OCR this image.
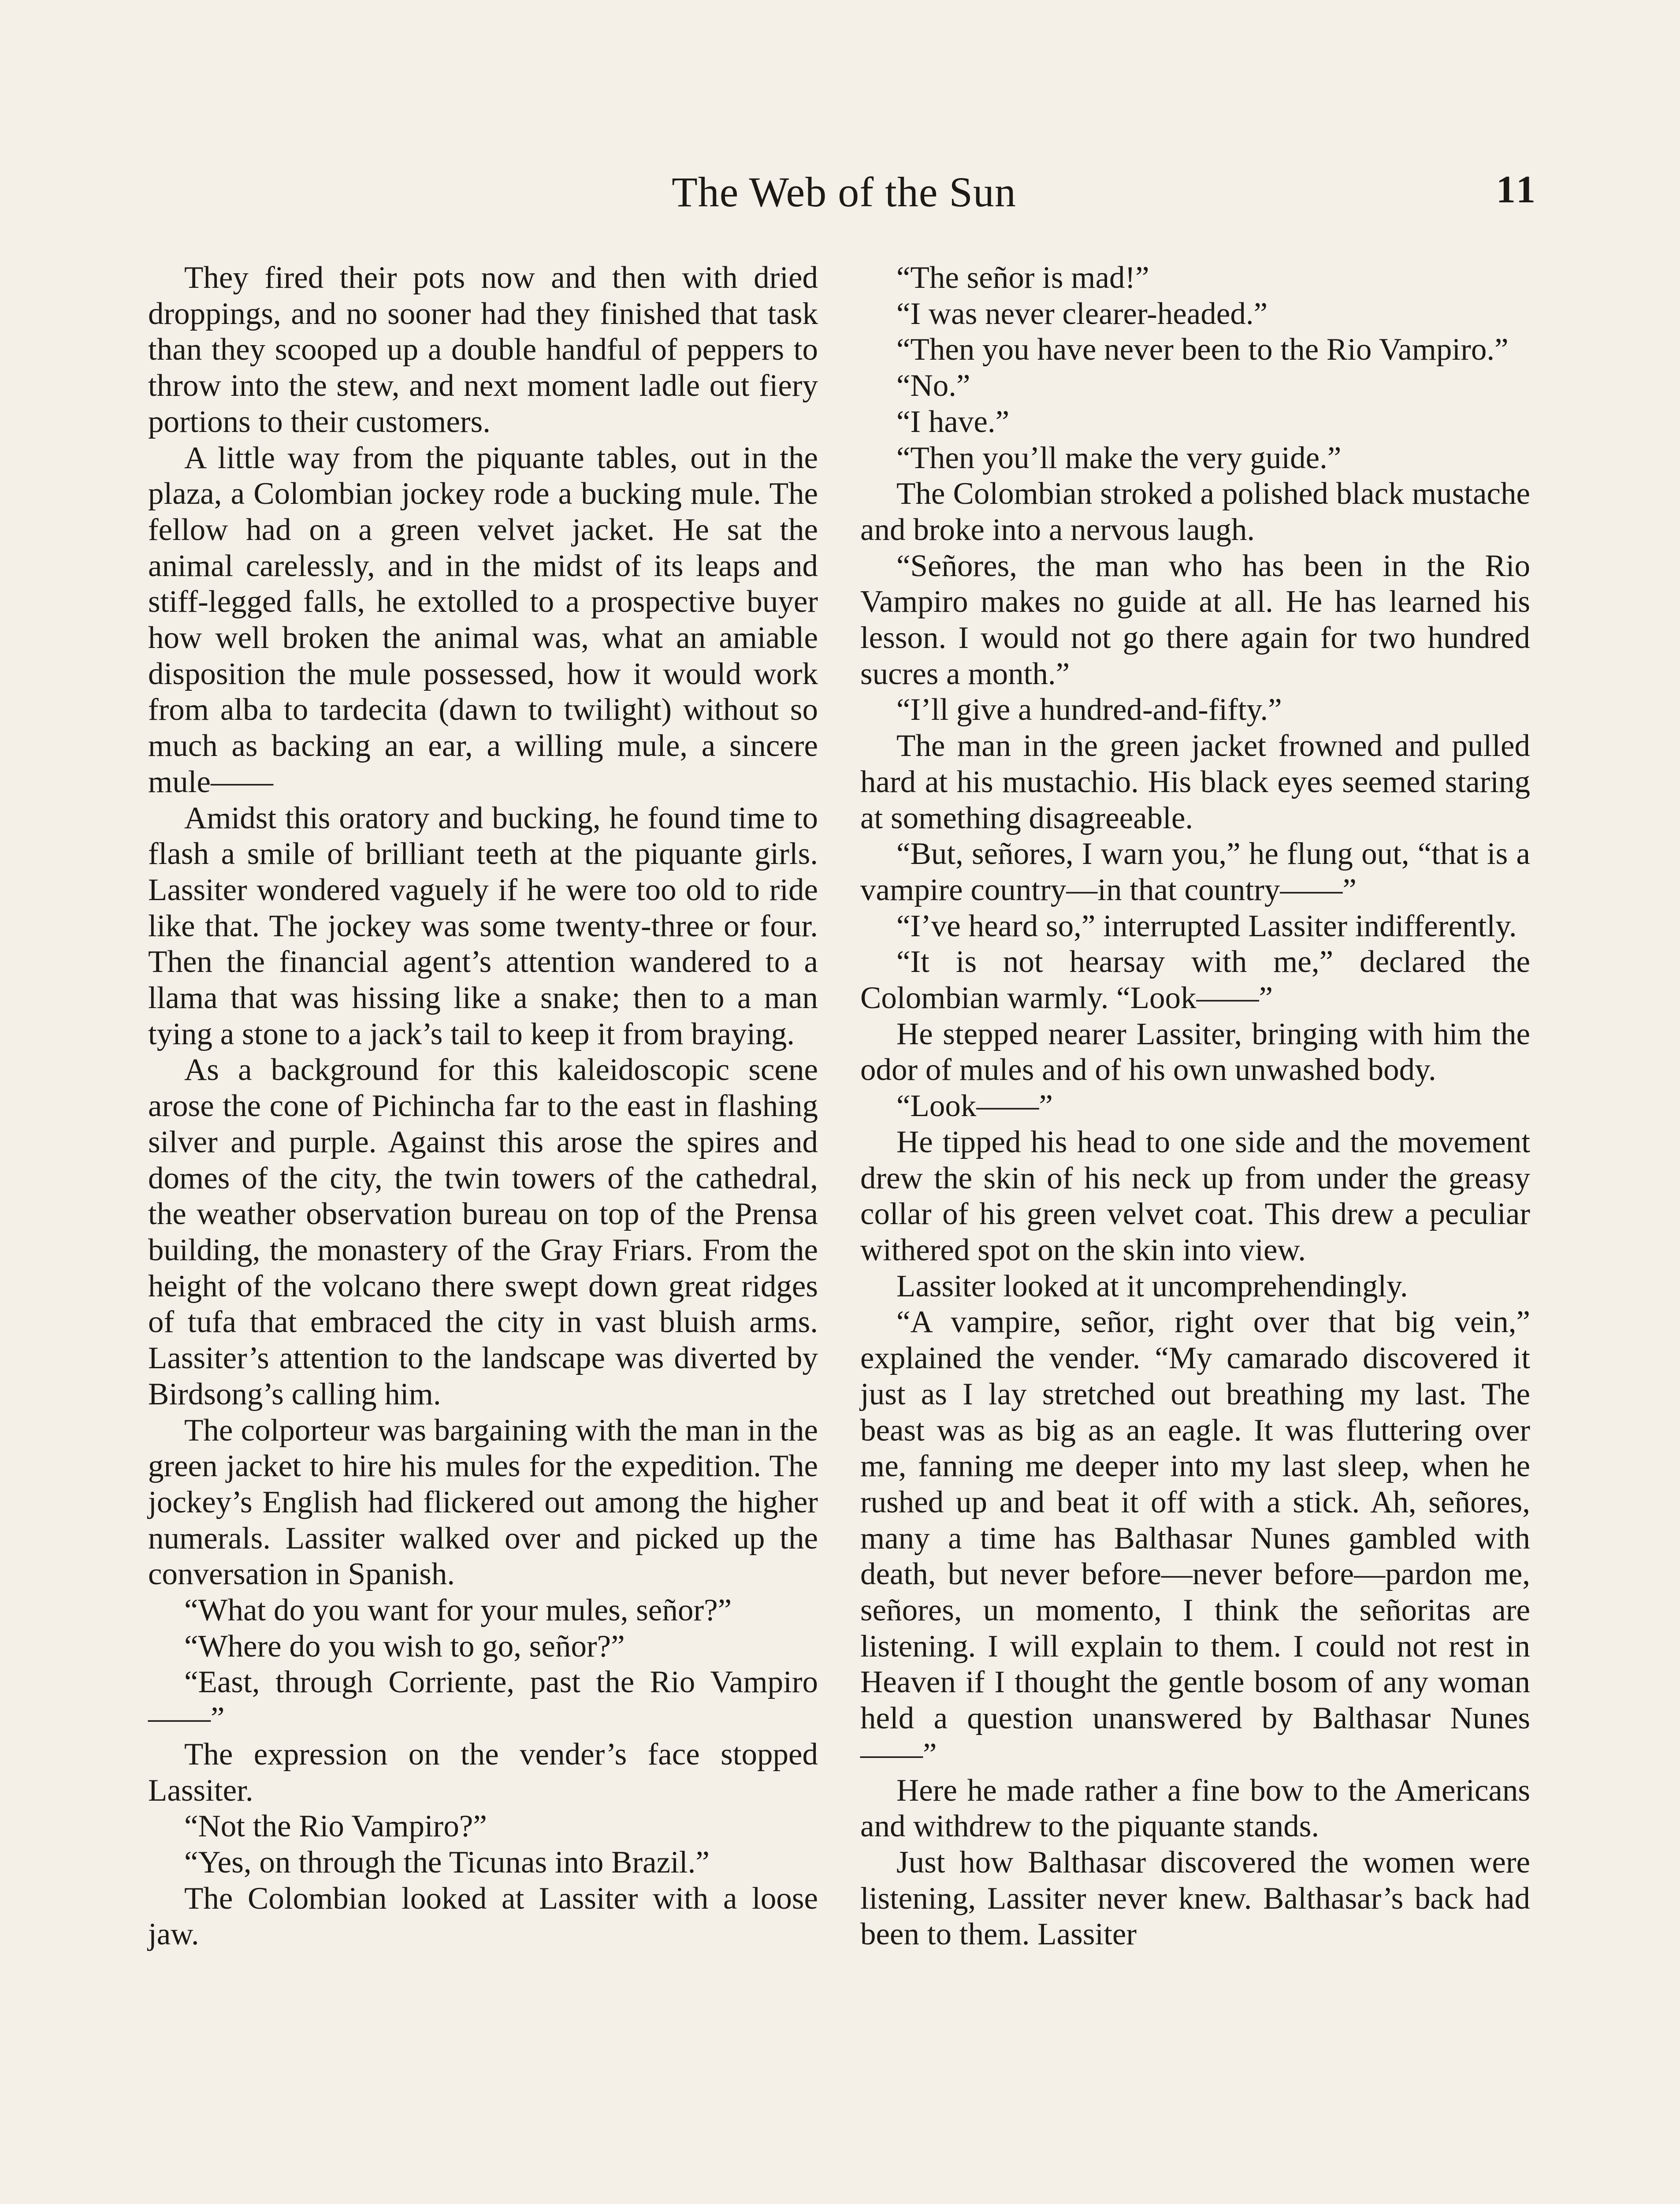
The Web of the Sun	11

They fired their pots now and then with dried droppings, and no sooner had they finished that task than they scooped up a double handful of peppers to throw into the stew, and next moment ladle out fiery portions to their customers.

A little way from the piquante tables, out in the plaza, a Colombian jockey rode a bucking mule. The fellow had on a green velvet jacket. He sat the animal carelessly, and in the midst of its leaps and stiff-legged falls, he extolled to a prospective buyer how well broken the animal was, what an amiable disposition the mule possessed, how it would work from alba to tardecita (dawn to twilight) without so much as backing an ear, a willing mule, a sincere mule——

Amidst this oratory and bucking, he found time to flash a smile of brilliant teeth at the piquante girls. Lassiter wondered vaguely if he were too old to ride like that. The jockey was some twenty-three or four. Then the financial agent’s attention wandered to a llama that was hissing like a snake; then to a man tying a stone to a jack’s tail to keep it from braying.

As a background for this kaleidoscopic scene arose the cone of Pichincha far to the east in flashing silver and purple. Against this arose the spires and domes of the city, the twin towers of the cathedral, the weather observation bureau on top of the Prensa building, the monastery of the Gray Friars. From the height of the volcano there swept down great ridges of tufa that embraced the city in vast bluish arms. Lassiter’s attention to the landscape was diverted by Birdsong’s calling him.

The colporteur was bargaining with the man in the green jacket to hire his mules for the expedition. The jockey’s English had flickered out among the higher numerals. Lassiter walked over and picked up the conversation in Spanish.

“What do you want for your mules, señor?”

“Where do you wish to go, señor?”

“East, through Corriente, past the Rio Vampiro——”

The expression on the vender’s face stopped Lassiter.

“Not the Rio Vampiro?”

“Yes, on through the Ticunas into Brazil.”

The Colombian looked at Lassiter with a loose jaw.

“The señor is mad!”

“I was never clearer-headed.”

“Then you have never been to the Rio Vampiro.”

“No.”

“I have.”

“Then you’ll make the very guide.”

The Colombian stroked a polished black mustache and broke into a nervous laugh.

“Señores, the man who has been in the Rio Vampiro makes no guide at all. He has learned his lesson. I would not go there again for two hundred sucres a month.”

“I’ll give a hundred-and-fifty.”

The man in the green jacket frowned and pulled hard at his mustachio. His black eyes seemed staring at something disagreeable.

“But, señores, I warn you,” he flung out, “that is a vampire country—in that country——”

“I’ve heard so,” interrupted Lassiter indifferently.

“It is not hearsay with me,” declared the Colombian warmly. “Look——”

He stepped nearer Lassiter, bringing with him the odor of mules and of his own unwashed body.

“Look——”

He tipped his head to one side and the movement drew the skin of his neck up from under the greasy collar of his green velvet coat. This drew a peculiar withered spot on the skin into view.

Lassiter looked at it uncomprehendingly.

“A vampire, señor, right over that big vein,” explained the vender. “My camarado discovered it just as I lay stretched out breathing my last. The beast was as big as an eagle. It was fluttering over me, fanning me deeper into my last sleep, when he rushed up and beat it off with a stick. Ah, señores, many a time has Balthasar Nunes gambled with death, but never before—never before—pardon me, señores, un momento, I think the señoritas are listening. I will explain to them. I could not rest in Heaven if I thought the gentle bosom of any woman held a question unanswered by Balthasar Nunes——”

Here he made rather a fine bow to the Americans and withdrew to the piquante stands.

Just how Balthasar discovered the women were listening, Lassiter never knew. Balthasar’s back had been to them. Lassiter
